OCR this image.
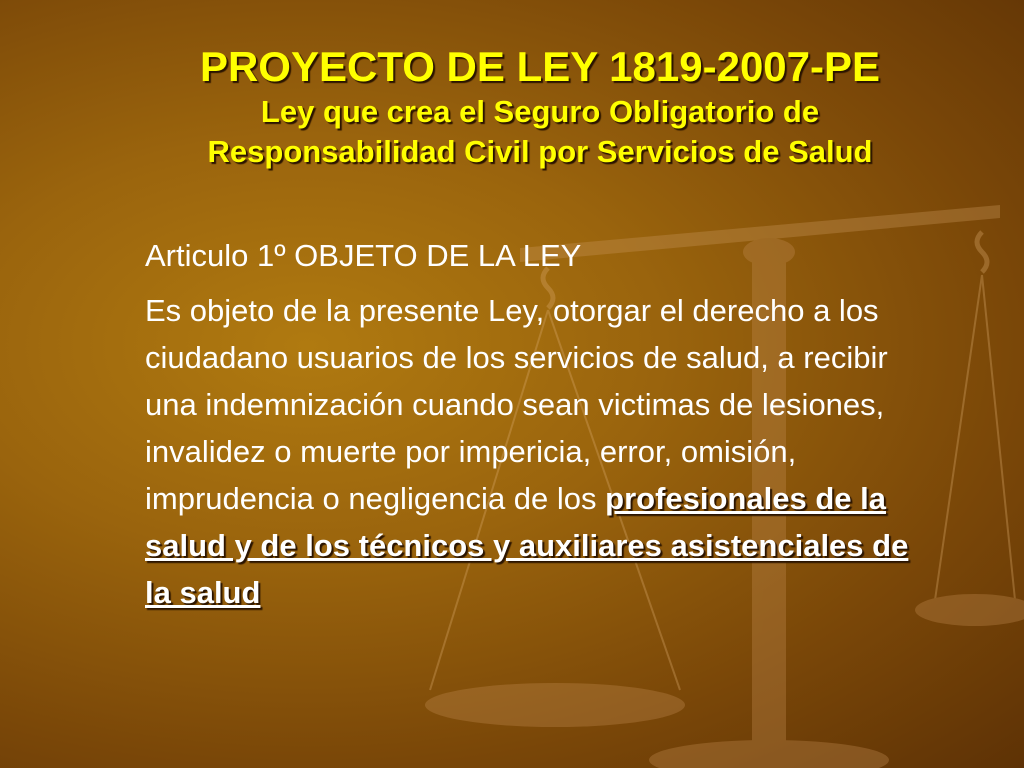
PROYECTO DE LEY 1819-2007-PE
Ley que crea el Seguro Obligatorio de
Responsabilidad Civil por Servicios de Salud
Articulo 1º OBJETO DE LA LEY

Es objeto de la presente Ley, otorgar el derecho a los ciudadano usuarios de los servicios de salud, a recibir una indemnización cuando sean victimas de lesiones, invalidez o muerte por impericia, error, omisión, imprudencia o negligencia de los profesionales de la salud y de los técnicos y auxiliares asistenciales de la salud
